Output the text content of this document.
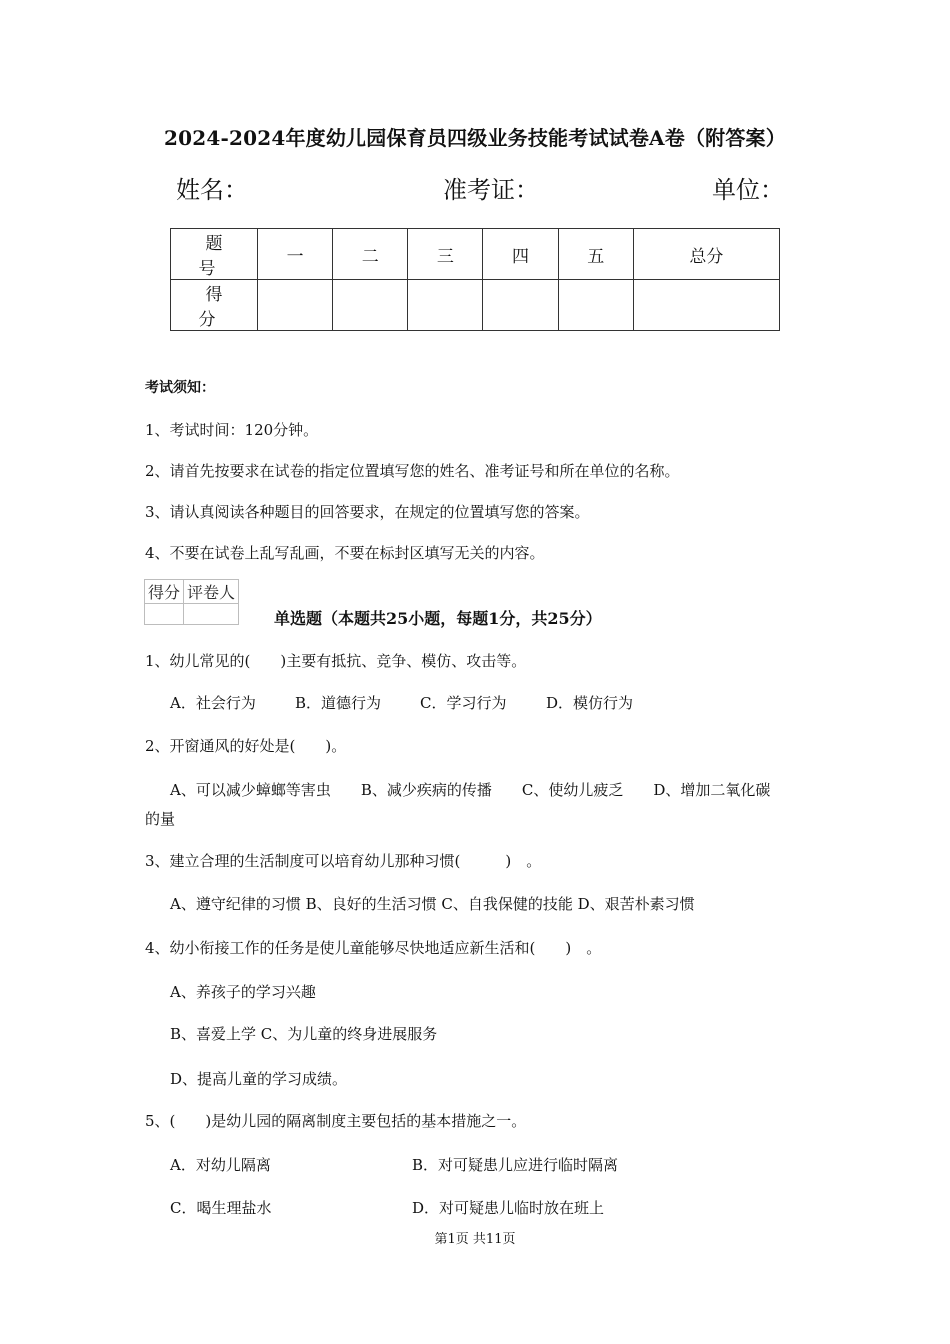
2024-2024年度幼儿园保育员四级业务技能考试试卷A卷（附答案）
姓名：	准考证：	单位：
题 号	一	二	三	四	五	总分
得 分						
考试须知：
1、考试时间：120分钟。
2、请首先按要求在试卷的指定位置填写您的姓名、准考证号和所在单位的名称。
3、请认真阅读各种题目的回答要求，在规定的位置填写您的答案。
4、不要在试卷上乱写乱画，不要在标封区填写无关的内容。
得分	评卷人

单选题（本题共25小题，每题1分，共25分）
1、幼儿常见的(　　)主要有抵抗、竞争、模仿、攻击等。
A．社会行为	B．道德行为	C．学习行为	D．模仿行为
2、开窗通风的好处是(　　)。
A、可以减少蟑螂等害虫　　B、减少疾病的传播　　C、使幼儿疲乏　　D、增加二氧化碳
的量
3、建立合理的生活制度可以培育幼儿那种习惯(　　　)　。
A、遵守纪律的习惯 B、良好的生活习惯 C、自我保健的技能 D、艰苦朴素习惯
4、幼小衔接工作的任务是使儿童能够尽快地适应新生活和(　　)　。
A、养孩子的学习兴趣
B、喜爱上学 C、为儿童的终身进展服务
D、提高儿童的学习成绩。
5、(　　)是幼儿园的隔离制度主要包括的基本措施之一。
A．对幼儿隔离	B．对可疑患儿应进行临时隔离
C．喝生理盐水	D．对可疑患儿临时放在班上
第1页 共11页
